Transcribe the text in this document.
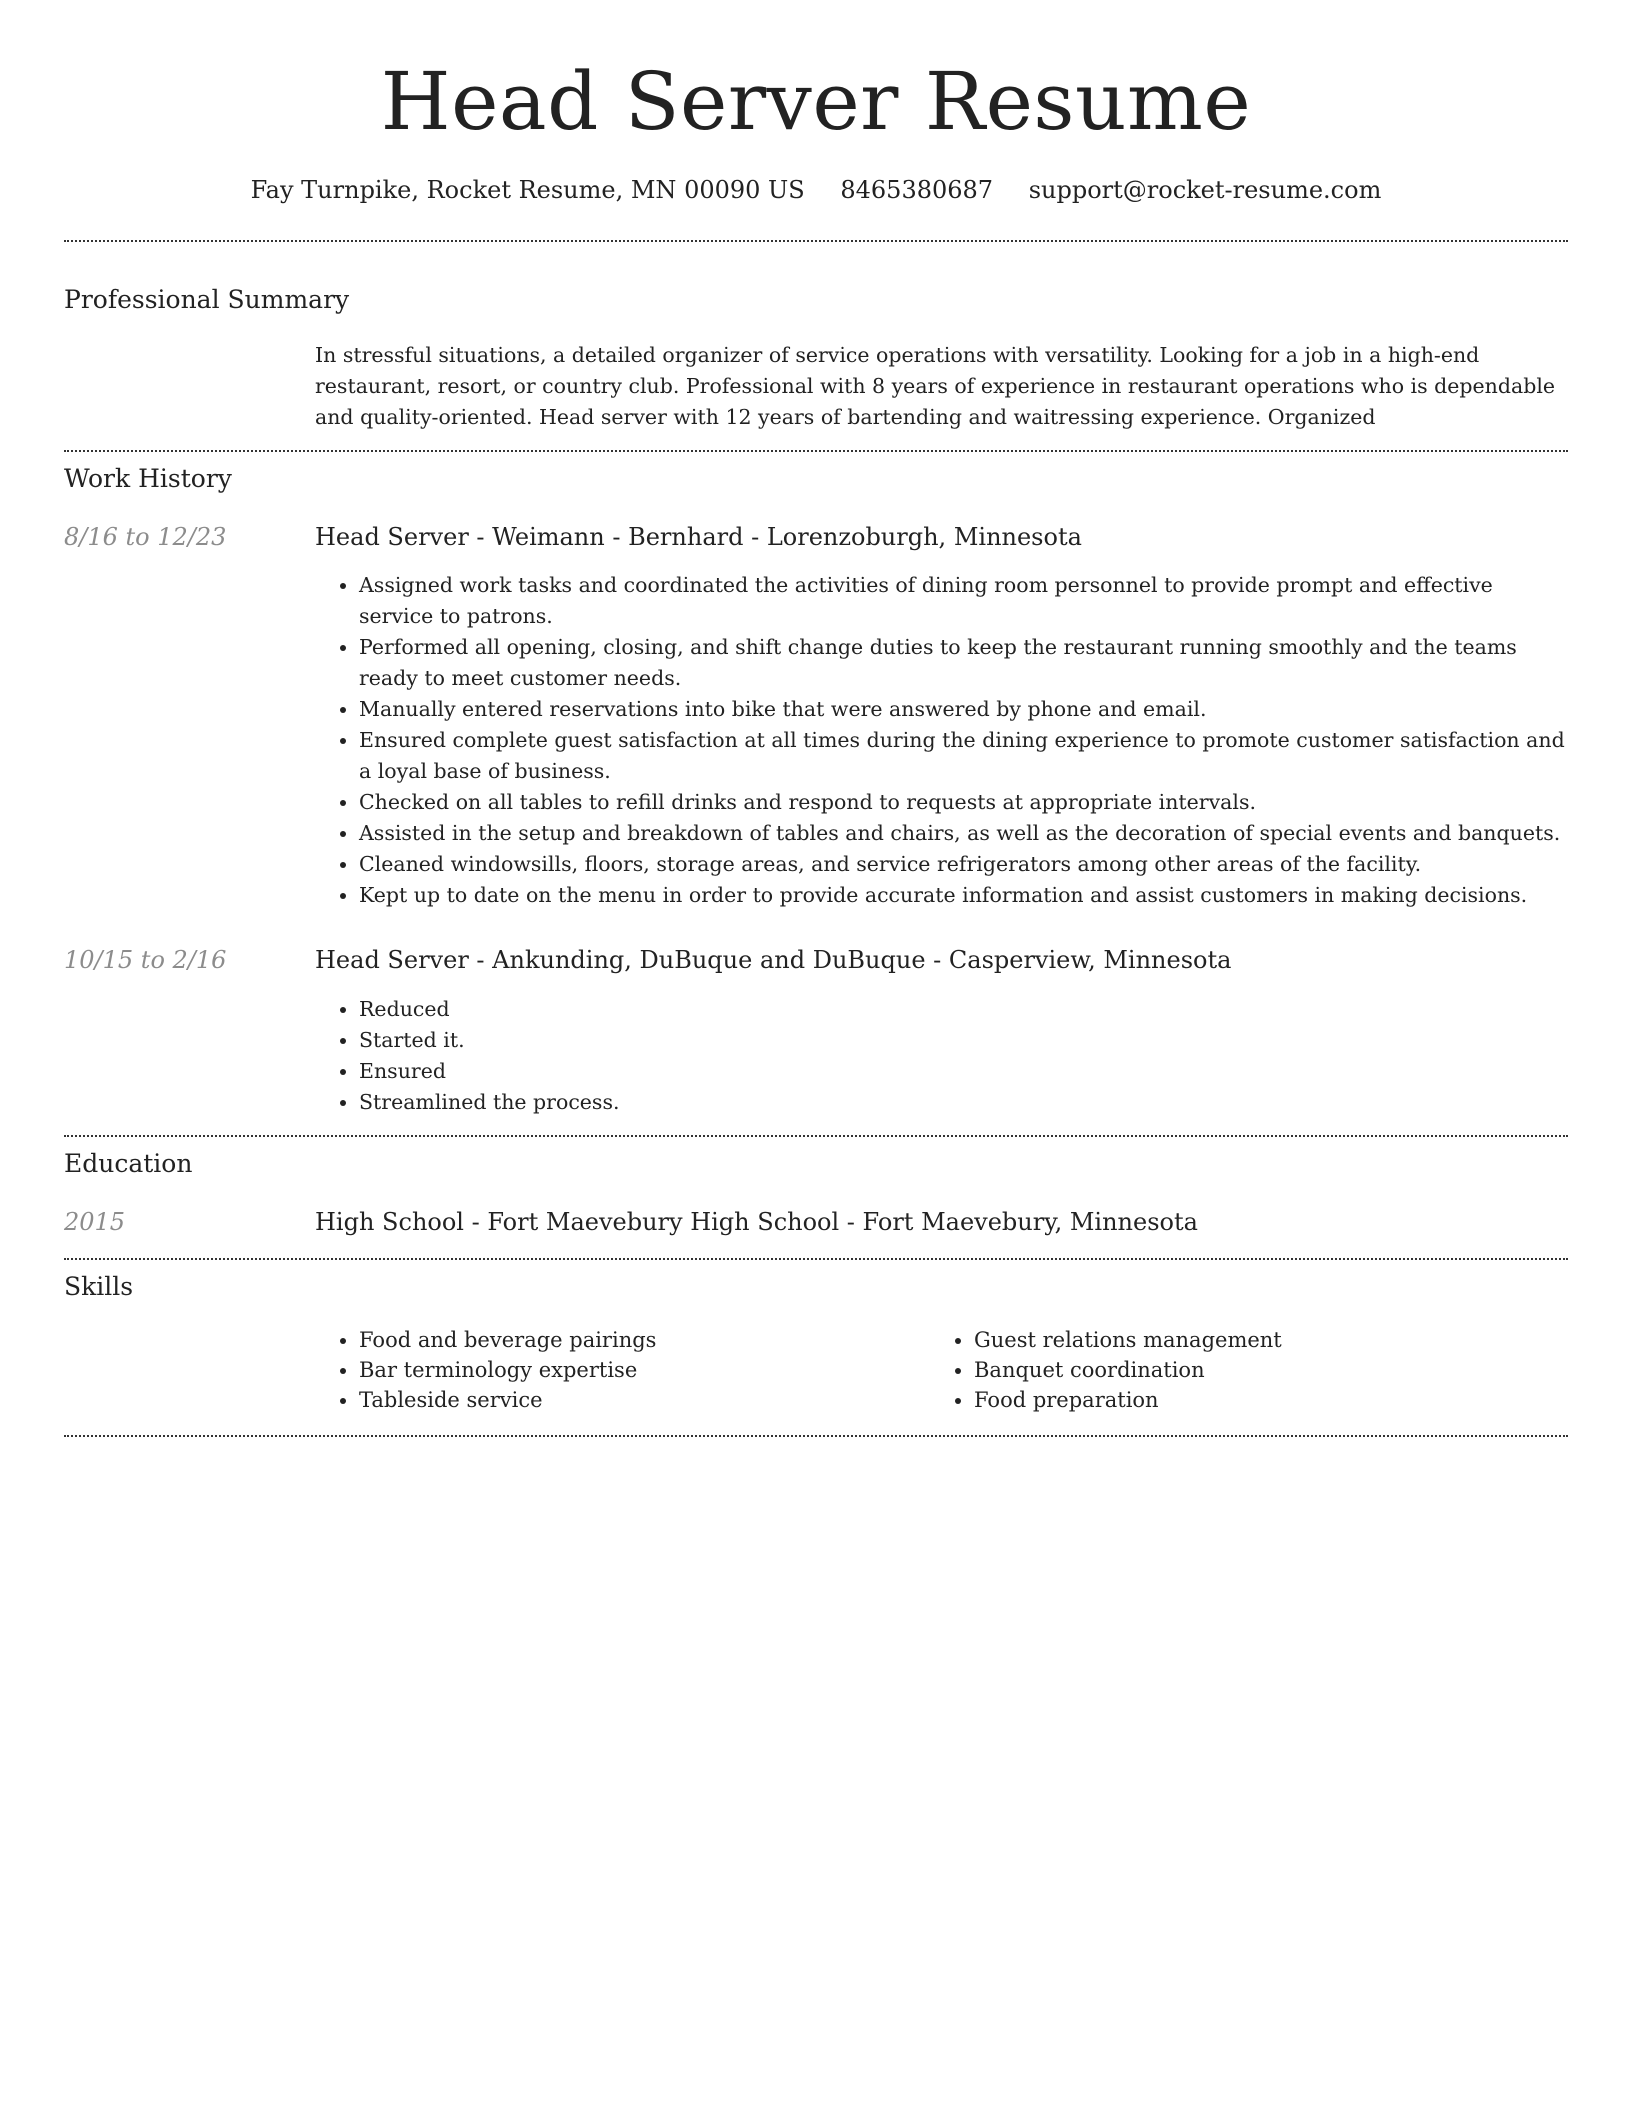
Head Server Resume
Fay Turnpike, Rocket Resume, MN 00090 US 8465380687 support@rocket-resume.com
Professional Summary
In stressful situations, a detailed organizer of service operations with versatility. Looking for a job in a high-end restaurant, resort, or country club. Professional with 8 years of experience in restaurant operations who is dependable and quality-oriented. Head server with 12 years of bartending and waitressing experience. Organized
Work History
8/16 to 12/23	Head Server - Weimann - Bernhard - Lorenzoburgh, Minnesota
• Assigned work tasks and coordinated the activities of dining room personnel to provide prompt and effective service to patrons.
• Performed all opening, closing, and shift change duties to keep the restaurant running smoothly and the teams ready to meet customer needs.
• Manually entered reservations into bike that were answered by phone and email.
• Ensured complete guest satisfaction at all times during the dining experience to promote customer satisfaction and a loyal base of business.
• Checked on all tables to refill drinks and respond to requests at appropriate intervals.
• Assisted in the setup and breakdown of tables and chairs, as well as the decoration of special events and banquets.
• Cleaned windowsills, floors, storage areas, and service refrigerators among other areas of the facility.
• Kept up to date on the menu in order to provide accurate information and assist customers in making decisions.
10/15 to 2/16	Head Server - Ankunding, DuBuque and DuBuque - Casperview, Minnesota
• Reduced
• Started it.
• Ensured
• Streamlined the process.
Education
2015	High School - Fort Maevebury High School - Fort Maevebury, Minnesota
Skills
• Food and beverage pairings
• Bar terminology expertise
• Tableside service
• Guest relations management
• Banquet coordination
• Food preparation
